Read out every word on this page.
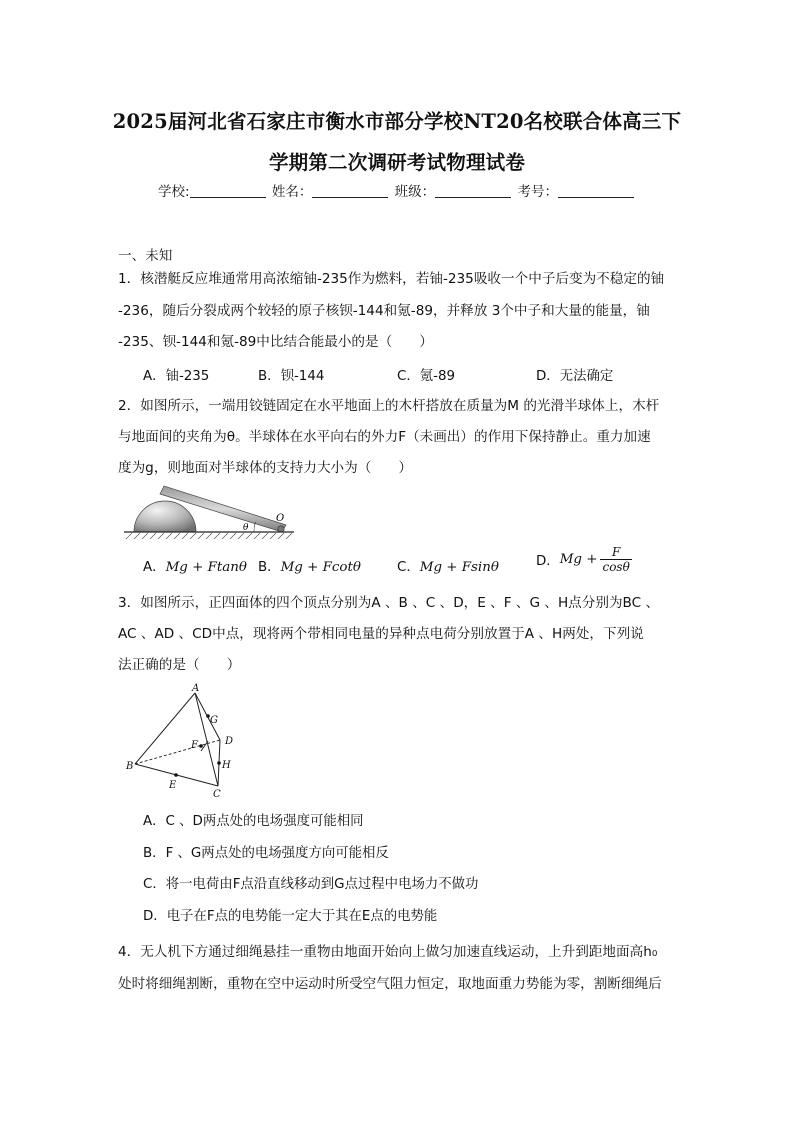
2025届河北省石家庄市衡水市部分学校NT20名校联合体高三下
学期第二次调研考试物理试卷
学校:	姓名：	班级：	考号：
一、未知
1．核潜艇反应堆通常用高浓缩铀-235作为燃料，若铀-235吸收一个中子后变为不稳定的铀
-236，随后分裂成两个较轻的原子核钡-144和氪-89，并释放 3个中子和大量的能量，铀
-235、钡-144和氪-89中比结合能最小的是（　　）
A．铀-235	B．钡-144	C．氪-89	D．无法确定
2．如图所示，一端用铰链固定在水平地面上的木杆搭放在质量为M 的光滑半球体上，木杆
与地面间的夹角为θ。半球体在水平向右的外力F（未画出）的作用下保持静止。重力加速
度为g，则地面对半球体的支持力大小为（　　）
θ
O
A．Mg + Ftanθ B．Mg + Fcotθ	C．Mg + Fsinθ	D． $Mg + \frac{F}{\cos\theta}$
3．如图所示，正四面体的四个顶点分别为A 、B 、C 、D，E 、F 、G 、H点分别为BC 、
AC 、AD 、CD中点，现将两个带相同电量的异种点电荷分别放置于A 、H两处，下列说
法正确的是（　　）
A
B
C
D
E
F
G
H
A．C 、D两点处的电场强度可能相同
B．F 、G两点处的电场强度方向可能相反
C．将一电荷由F点沿直线移动到G点过程中电场力不做功
D．电子在F点的电势能一定大于其在E点的电势能
4．无人机下方通过细绳悬挂一重物由地面开始向上做匀加速直线运动，上升到距地面高h₀
处时将细绳割断，重物在空中运动时所受空气阻力恒定，取地面重力势能为零，割断细绳后
